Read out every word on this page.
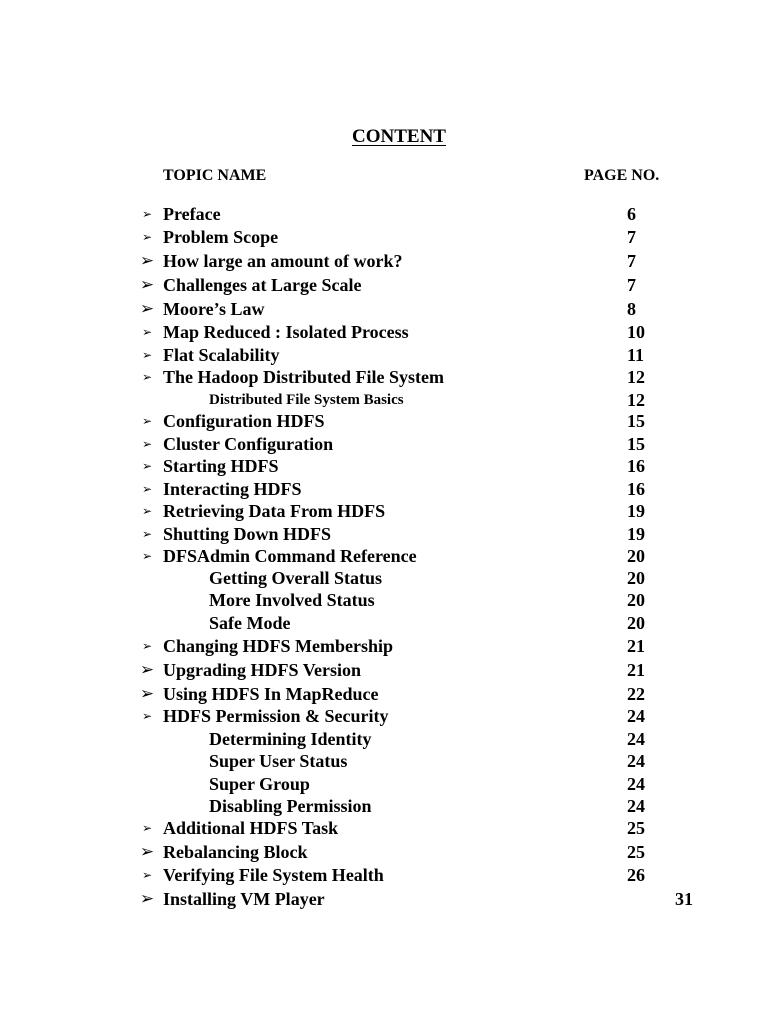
CONTENT
TOPIC NAME	PAGE NO.
➢ Preface	6
➢ Problem Scope	7
➢ How large an amount of work?	7
➢ Challenges at Large Scale	7
➢ Moore’s Law	8
➢ Map Reduced : Isolated Process	10
➢ Flat Scalability	11
➢ The Hadoop Distributed File System	12
Distributed File System Basics	12
➢ Configuration HDFS	15
➢ Cluster Configuration	15
➢ Starting HDFS	16
➢ Interacting HDFS	16
➢ Retrieving Data From HDFS	19
➢ Shutting Down HDFS	19
➢ DFSAdmin Command Reference	20
Getting Overall Status	20
More Involved Status	20
Safe Mode	20
➢ Changing HDFS Membership	21
➢ Upgrading HDFS Version	21
➢ Using HDFS In MapReduce	22
➢ HDFS Permission & Security	24
Determining Identity	24
Super User Status	24
Super Group	24
Disabling Permission	24
➢ Additional HDFS Task	25
➢ Rebalancing Block	25
➢ Verifying File System Health	26
➢ Installing VM Player	31
